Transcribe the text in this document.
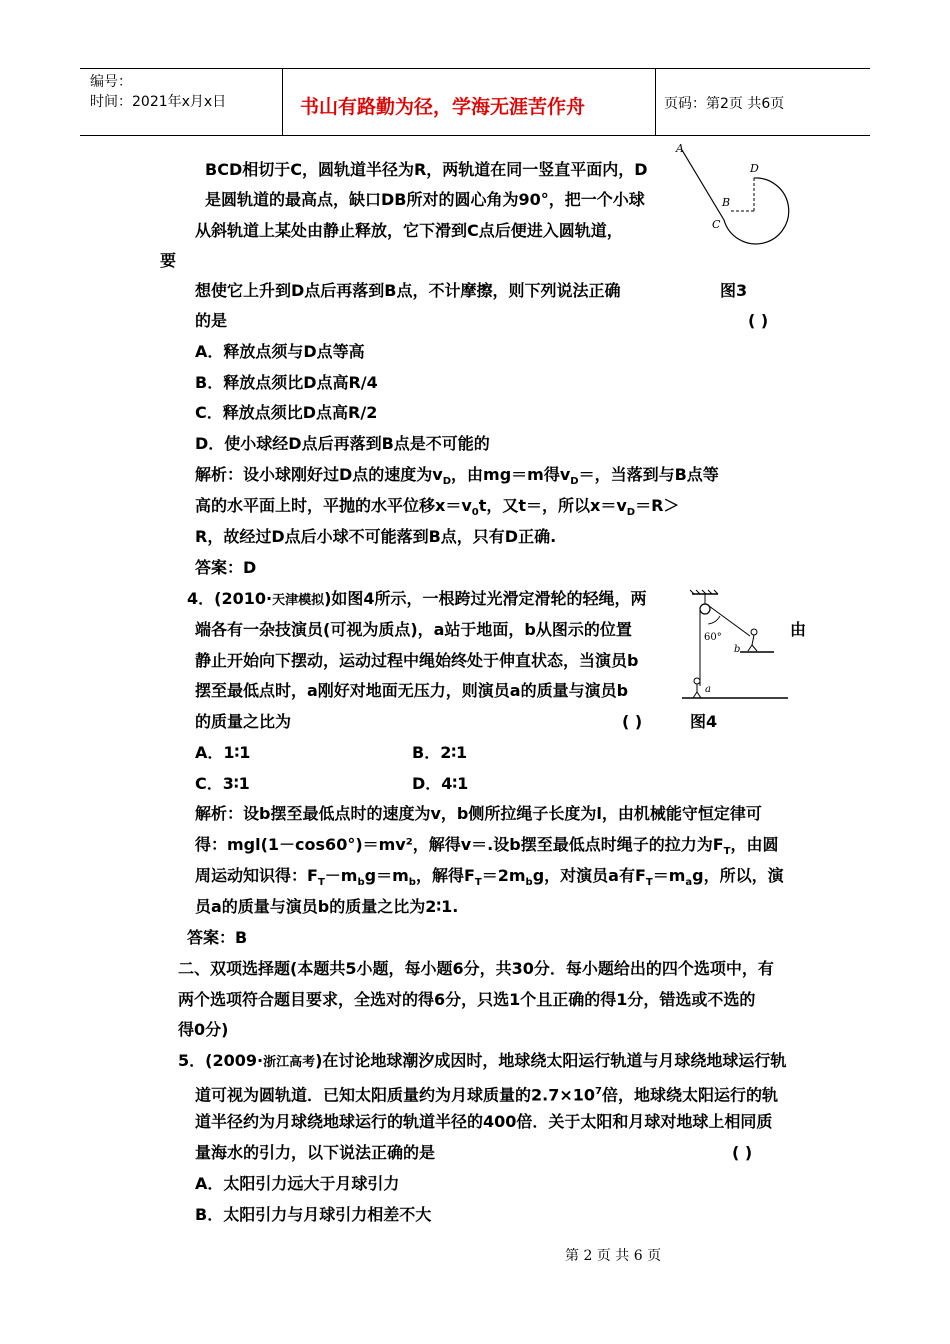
编号：
时间：2021年x月x日	书山有路勤为径，学海无涯苦作舟	页码：第2页 共6页
BCD相切于C，圆轨道半径为R，两轨道在同一竖直平面内，D
是圆轨道的最高点，缺口DB所对的圆心角为90°，把一个小球
从斜轨道上某处由静止释放，它下滑到C点后便进入圆轨道，
要
想使它上升到D点后再落到B点，不计摩擦，则下列说法正确	图3
的是	( )
A．释放点须与D点等高
B．释放点须比D点高R/4
C．释放点须比D点高R/2
D．使小球经D点后再落到B点是不可能的
解析：设小球刚好过D点的速度为$v_D$，由mg＝m得$v_D=$，当落到与B点等
高的水平面上时，平抛的水平位移$x=v_0t$，又t＝，所以$x=v_D=R>$
R，故经过D点后小球不可能落到B点，只有D正确.
答案：D
A
D
B
C
4．(2010·天津模拟)如图4所示，一根跨过光滑定滑轮的轻绳，两
端各有一杂技演员(可视为质点)，a站于地面，b从图示的位置	由
静止开始向下摆动，运动过程中绳始终处于伸直状态，当演员b
摆至最低点时，a刚好对地面无压力，则演员a的质量与演员b
的质量之比为	( )	图4
A．1∶1	B．2∶1
C．3∶1	D．4∶1
解析：设b摆至最低点时的速度为v，b侧所拉绳子长度为l，由机械能守恒定律可
得：mgl(1－cos60°)＝mv²，解得v＝.设b摆至最低点时绳子的拉力为$F_T$，由圆
周运动知识得：$F_T-m_bg=m_b$，解得$F_T=2m_bg$，对演员a有$F_T=m_ag$，所以，演
员a的质量与演员b的质量之比为2∶1.
答案：B
60°
b
a
二、双项选择题(本题共5小题，每小题6分，共30分．每小题给出的四个选项中，有
两个选项符合题目要求，全选对的得6分，只选1个且正确的得1分，错选或不选的
得0分)
5．(2009·浙江高考)在讨论地球潮汐成因时，地球绕太阳运行轨道与月球绕地球运行轨
道可视为圆轨道．已知太阳质量约为月球质量的$2.7\times 10^7$倍，地球绕太阳运行的轨
道半径约为月球绕地球运行的轨道半径的400倍．关于太阳和月球对地球上相同质
量海水的引力，以下说法正确的是	( )
A．太阳引力远大于月球引力
B．太阳引力与月球引力相差不大
第 2 页 共 6 页
